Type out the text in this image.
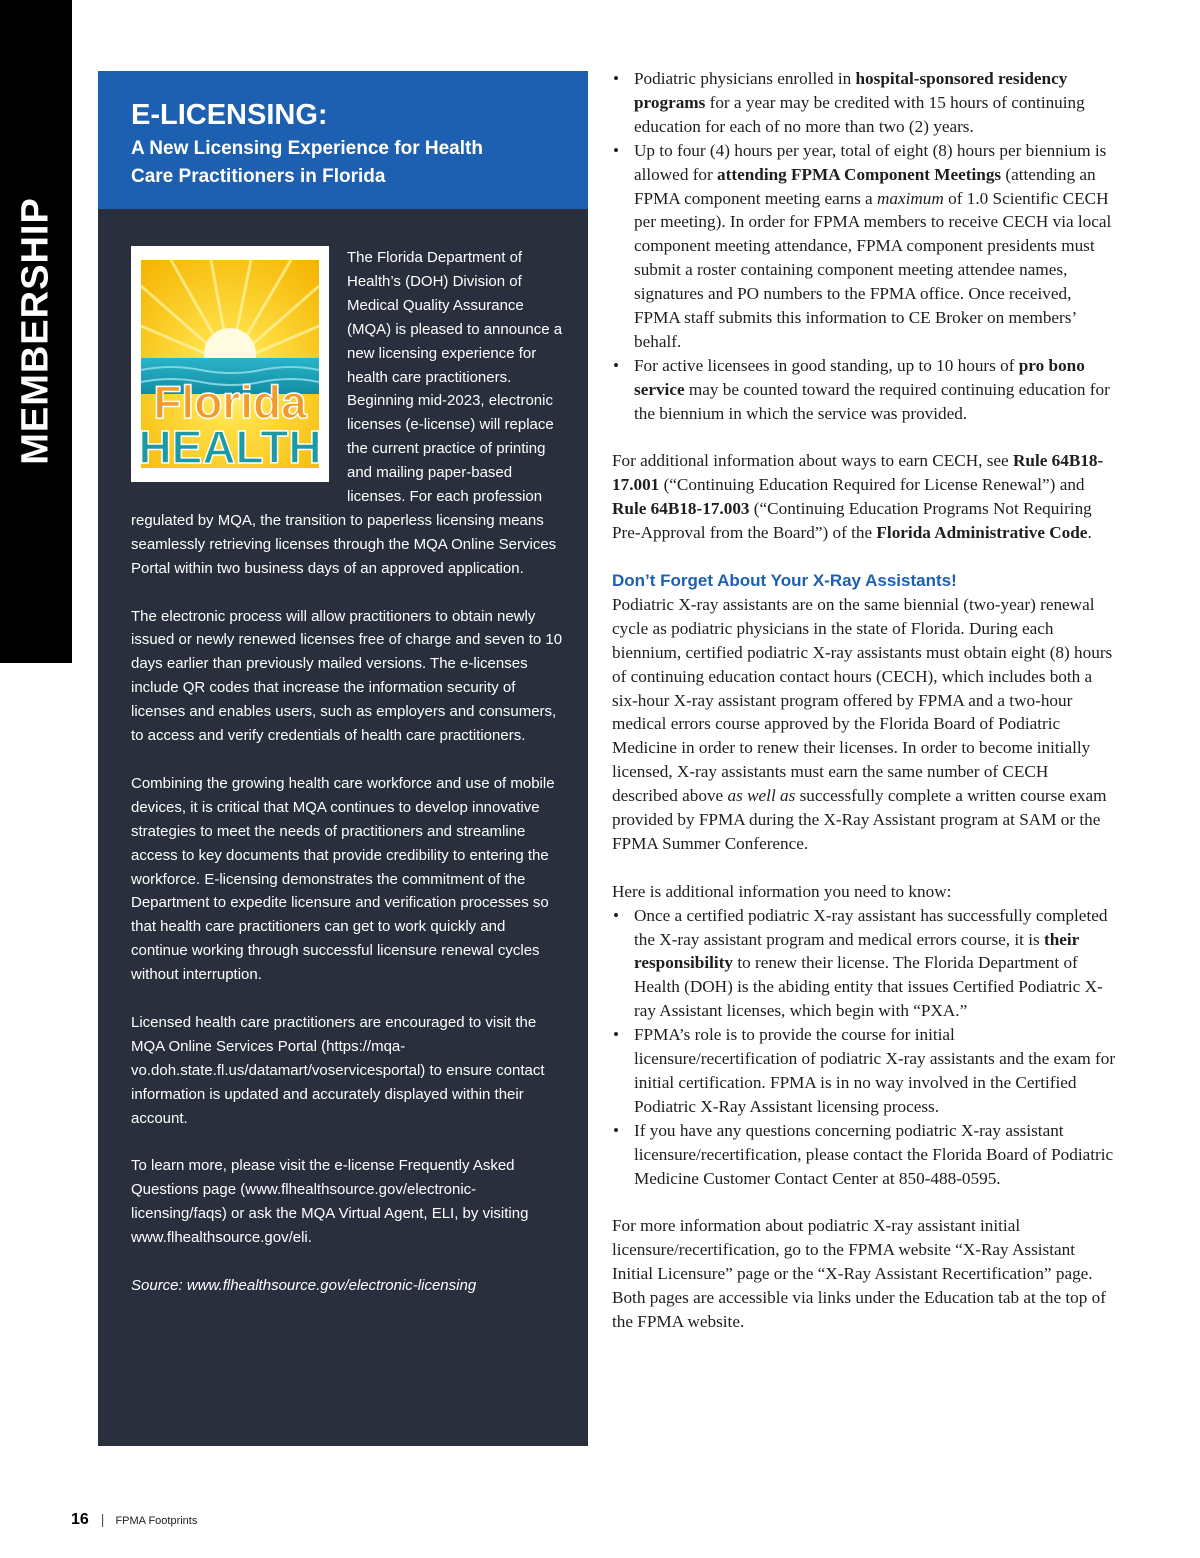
MEMBERSHIP
E-LICENSING:
A New Licensing Experience for Health
Care Practitioners in Florida
Florida
HEALTH

The Florida Department of Health’s (DOH) Division of Medical Quality Assurance (MQA) is pleased to announce a new licensing experience for health care practitioners. Beginning mid-2023, electronic licenses (e-license) will replace the current practice of printing and mailing paper-based licenses. For each profession regulated by MQA, the transition to paperless licensing means seamlessly retrieving licenses through the MQA Online Services Portal within two business days of an approved application.

The electronic process will allow practitioners to obtain newly issued or newly renewed licenses free of charge and seven to 10 days earlier than previously mailed versions. The e-licenses include QR codes that increase the information security of licenses and enables users, such as employers and consumers, to access and verify credentials of health care practitioners.

Combining the growing health care workforce and use of mobile devices, it is critical that MQA continues to develop innovative strategies to meet the needs of practitioners and streamline access to key documents that provide credibility to entering the workforce. E-licensing demonstrates the commitment of the Department to expedite licensure and verification processes so that health care practitioners can get to work quickly and continue working through successful licensure renewal cycles without interruption.

Licensed health care practitioners are encouraged to visit the MQA Online Services Portal (https://mqa-vo.doh.state.fl.us/datamart/voservicesportal) to ensure contact information is updated and accurately displayed within their account.

To learn more, please visit the e-license Frequently Asked Questions page (www.flhealthsource.gov/electronic-licensing/faqs) or ask the MQA Virtual Agent, ELI, by visiting www.flhealthsource.gov/eli.

Source: www.flhealthsource.gov/electronic-licensing

• Podiatric physicians enrolled in hospital-sponsored residency programs for a year may be credited with 15 hours of continuing education for each of no more than two (2) years.
• Up to four (4) hours per year, total of eight (8) hours per biennium is allowed for attending FPMA Component Meetings (attending an FPMA component meeting earns a maximum of 1.0 Scientific CECH per meeting). In order for FPMA members to receive CECH via local component meeting attendance, FPMA component presidents must submit a roster containing component meeting attendee names, signatures and PO numbers to the FPMA office. Once received, FPMA staff submits this information to CE Broker on members’ behalf.
• For active licensees in good standing, up to 10 hours of pro bono service may be counted toward the required continuing education for the biennium in which the service was provided.

For additional information about ways to earn CECH, see Rule 64B18-17.001 (“Continuing Education Required for License Renewal”) and Rule 64B18-17.003 (“Continuing Education Programs Not Requiring Pre-Approval from the Board”) of the Florida Administrative Code.

Don’t Forget About Your X-Ray Assistants!

Podiatric X-ray assistants are on the same biennial (two-year) renewal cycle as podiatric physicians in the state of Florida. During each biennium, certified podiatric X-ray assistants must obtain eight (8) hours of continuing education contact hours (CECH), which includes both a six-hour X-ray assistant program offered by FPMA and a two-hour medical errors course approved by the Florida Board of Podiatric Medicine in order to renew their licenses. In order to become initially licensed, X-ray assistants must earn the same number of CECH described above as well as successfully complete a written course exam provided by FPMA during the X-Ray Assistant program at SAM or the FPMA Summer Conference.

Here is additional information you need to know:
• Once a certified podiatric X-ray assistant has successfully completed the X-ray assistant program and medical errors course, it is their responsibility to renew their license. The Florida Department of Health (DOH) is the abiding entity that issues Certified Podiatric X-ray Assistant licenses, which begin with “PXA.”
• FPMA’s role is to provide the course for initial licensure/recertification of podiatric X-ray assistants and the exam for initial certification. FPMA is in no way involved in the Certified Podiatric X-Ray Assistant licensing process.
• If you have any questions concerning podiatric X-ray assistant licensure/recertification, please contact the Florida Board of Podiatric Medicine Customer Contact Center at 850-488-0595.

For more information about podiatric X-ray assistant initial licensure/recertification, go to the FPMA website “X-Ray Assistant Initial Licensure” page or the “X-Ray Assistant Recertification” page. Both pages are accessible via links under the Education tab at the top of the FPMA website.

16 | FPMA Footprints
